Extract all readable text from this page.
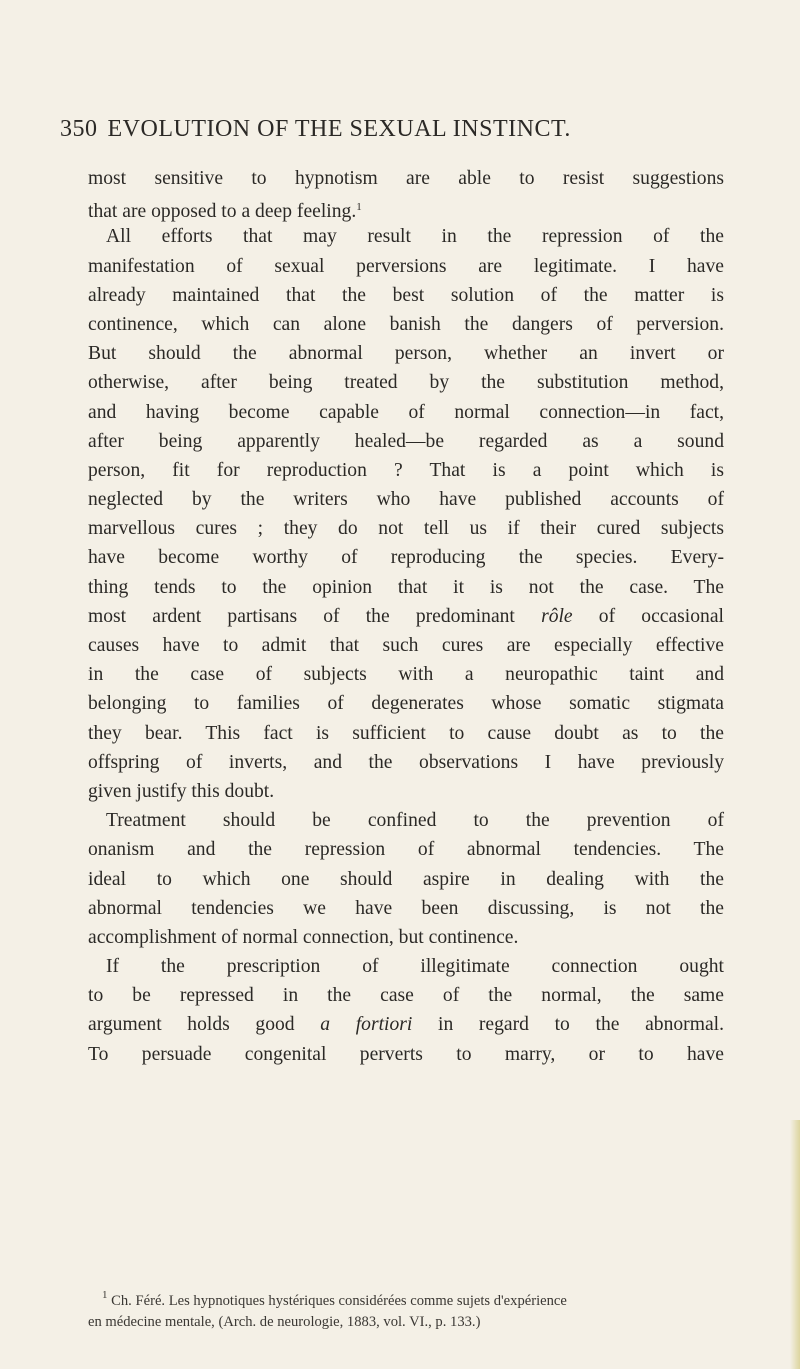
350 EVOLUTION OF THE SEXUAL INSTINCT.
most sensitive to hypnotism are able to resist suggestions
that are opposed to a deep feeling.$^1$
All efforts that may result in the repression of the
manifestation of sexual perversions are legitimate. I have
already maintained that the best solution of the matter is
continence, which can alone banish the dangers of perversion.
But should the abnormal person, whether an invert or
otherwise, after being treated by the substitution method,
and having become capable of normal connection—in fact,
after being apparently healed—be regarded as a sound
person, fit for reproduction ? That is a point which is
neglected by the writers who have published accounts of
marvellous cures ; they do not tell us if their cured subjects
have become worthy of reproducing the species. Every-
thing tends to the opinion that it is not the case. The
most ardent partisans of the predominant rôle of occasional
causes have to admit that such cures are especially effective
in the case of subjects with a neuropathic taint and
belonging to families of degenerates whose somatic stigmata
they bear. This fact is sufficient to cause doubt as to the
offspring of inverts, and the observations I have previously
given justify this doubt.
Treatment should be confined to the prevention of
onanism and the repression of abnormal tendencies. The
ideal to which one should aspire in dealing with the
abnormal tendencies we have been discussing, is not the
accomplishment of normal connection, but continence.
If the prescription of illegitimate connection ought
to be repressed in the case of the normal, the same
argument holds good a fortiori in regard to the abnormal.
To persuade congenital perverts to marry, or to have
$^1$ Ch. Féré. Les hypnotiques hystériques considérées comme sujets d'expérience
en médecine mentale, (Arch. de neurologie, 1883, vol. VI., p. 133.)
